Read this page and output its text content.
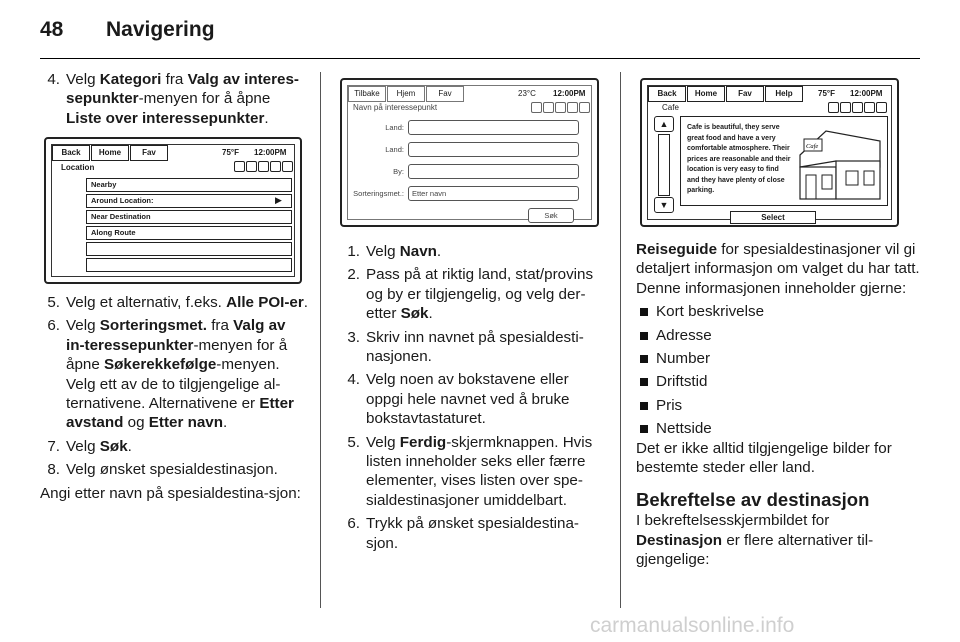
48 Navigering
4. Velg Kategori fra Valg av interes-sepunkter-menyen for å åpne Liste over interessepunkter.
Back	Home	Fav	75°F 12:00PM
Location
Nearby
Around Location:	▶
Near Destination
Along Route
5. Velg et alternativ, f.eks. Alle POI-er.
6. Velg Sorteringsmet. fra Valg av in-teressepunkter-menyen for å åpne Søkerekkefølge-menyen. Velg ett av de to tilgjengelige al-ternativene. Alternativene er Etter avstand og Etter navn.
7. Velg Søk.
8. Velg ønsket spesialdestinasjon.
Angi etter navn på spesialdestina-sjon:
Tilbake	Hjem	Fav	23°C 12:00PM
Navn på interessepunkt
Land:
Land:
By:
Sorteringsmet.:	Etter navn
Søk
1. Velg Navn.
2. Pass på at riktig land, stat/provins og by er tilgjengelig, og velg der-etter Søk.
3. Skriv inn navnet på spesialdesti-nasjonen.
4. Velg noen av bokstavene eller oppgi hele navnet ved å bruke bokstavtastaturet.
5. Velg Ferdig-skjermknappen. Hvis listen inneholder seks eller færre elementer, vises listen over spe-sialdestinasjoner umiddelbart.
6. Trykk på ønsket spesialdestina-sjon.
Back	Home	Fav	Help	75°F 12:00PM
Cafe
▲
▼
Cafe is beautiful, they serve great food and have a very comfortable atmosphere. Their prices are reasonable and their location is very easy to find and they have plenty of close parking.
Cafe
Select
Reiseguide for spesialdestinasjoner vil gi detaljert informasjon om valget du har tatt. Denne informasjonen inneholder gjerne:
Kort beskrivelse
Adresse
Number
Driftstid
Pris
Nettside
Det er ikke alltid tilgjengelige bilder for bestemte steder eller land.
Bekreftelse av destinasjon
I bekreftelsesskjermbildet for
Destinasjon er flere alternativer til-gjengelige:
carmanualsonline.info
